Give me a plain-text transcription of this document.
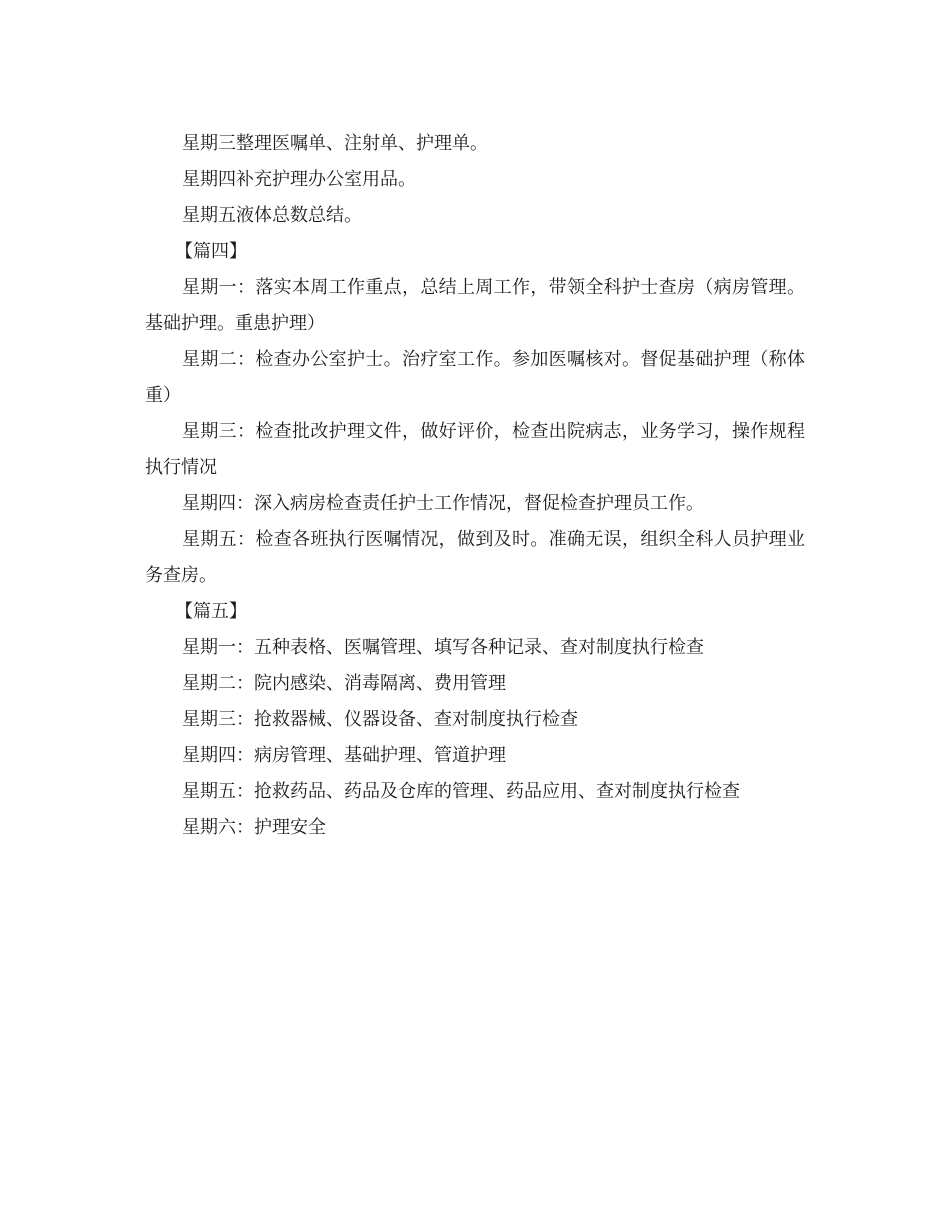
星期三整理医嘱单、注射单、护理单。

星期四补充护理办公室用品。

星期五液体总数总结。

【篇四】

星期一：落实本周工作重点，总结上周工作，带领全科护士查房（病房管理。基础护理。重患护理）

星期二：检查办公室护士。治疗室工作。参加医嘱核对。督促基础护理（称体重）

星期三：检查批改护理文件，做好评价，检查出院病志，业务学习，操作规程执行情况

星期四：深入病房检查责任护士工作情况，督促检查护理员工作。

星期五：检查各班执行医嘱情况，做到及时。准确无误，组织全科人员护理业务查房。

【篇五】

星期一：五种表格、医嘱管理、填写各种记录、查对制度执行检查

星期二：院内感染、消毒隔离、费用管理

星期三：抢救器械、仪器设备、查对制度执行检查

星期四：病房管理、基础护理、管道护理

星期五：抢救药品、药品及仓库的管理、药品应用、查对制度执行检查

星期六：护理安全
